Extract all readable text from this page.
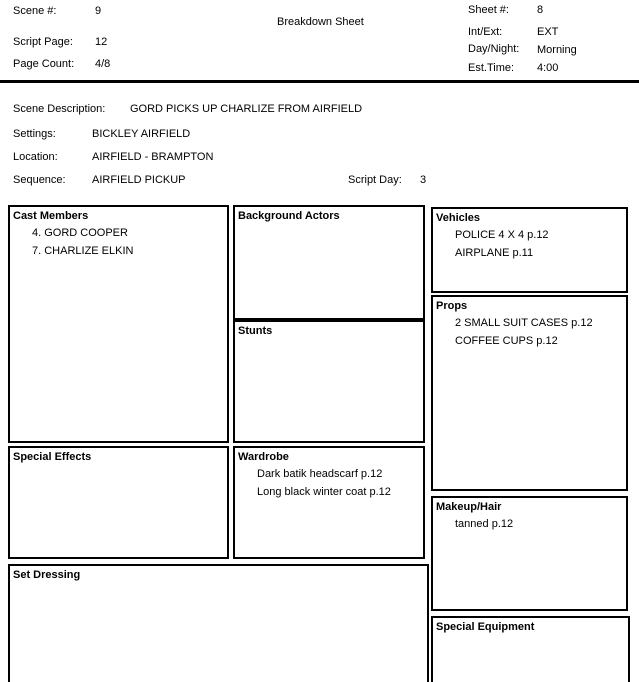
Scene #:	9
Script Page: 12
Page Count: 4/8
Breakdown Sheet
Sheet #:	8
Int/Ext:	EXT
Day/Night: Morning
Est.Time: 4:00
Scene Description: GORD PICKS UP CHARLIZE FROM AIRFIELD
Settings:	BICKLEY AIRFIELD
Location:	AIRFIELD - BRAMPTON
Sequence: AIRFIELD PICKUP	Script Day: 3
Cast Members
4. GORD COOPER
7. CHARLIZE ELKIN
Special Effects
Set Dressing
Background Actors
Stunts
Wardrobe
Dark batik headscarf p.12
Long black winter coat p.12
Vehicles
POLICE 4 X 4 p.12
AIRPLANE p.11
Props
2 SMALL SUIT CASES p.12
COFFEE CUPS p.12
Makeup/Hair
tanned p.12
Special Equipment
